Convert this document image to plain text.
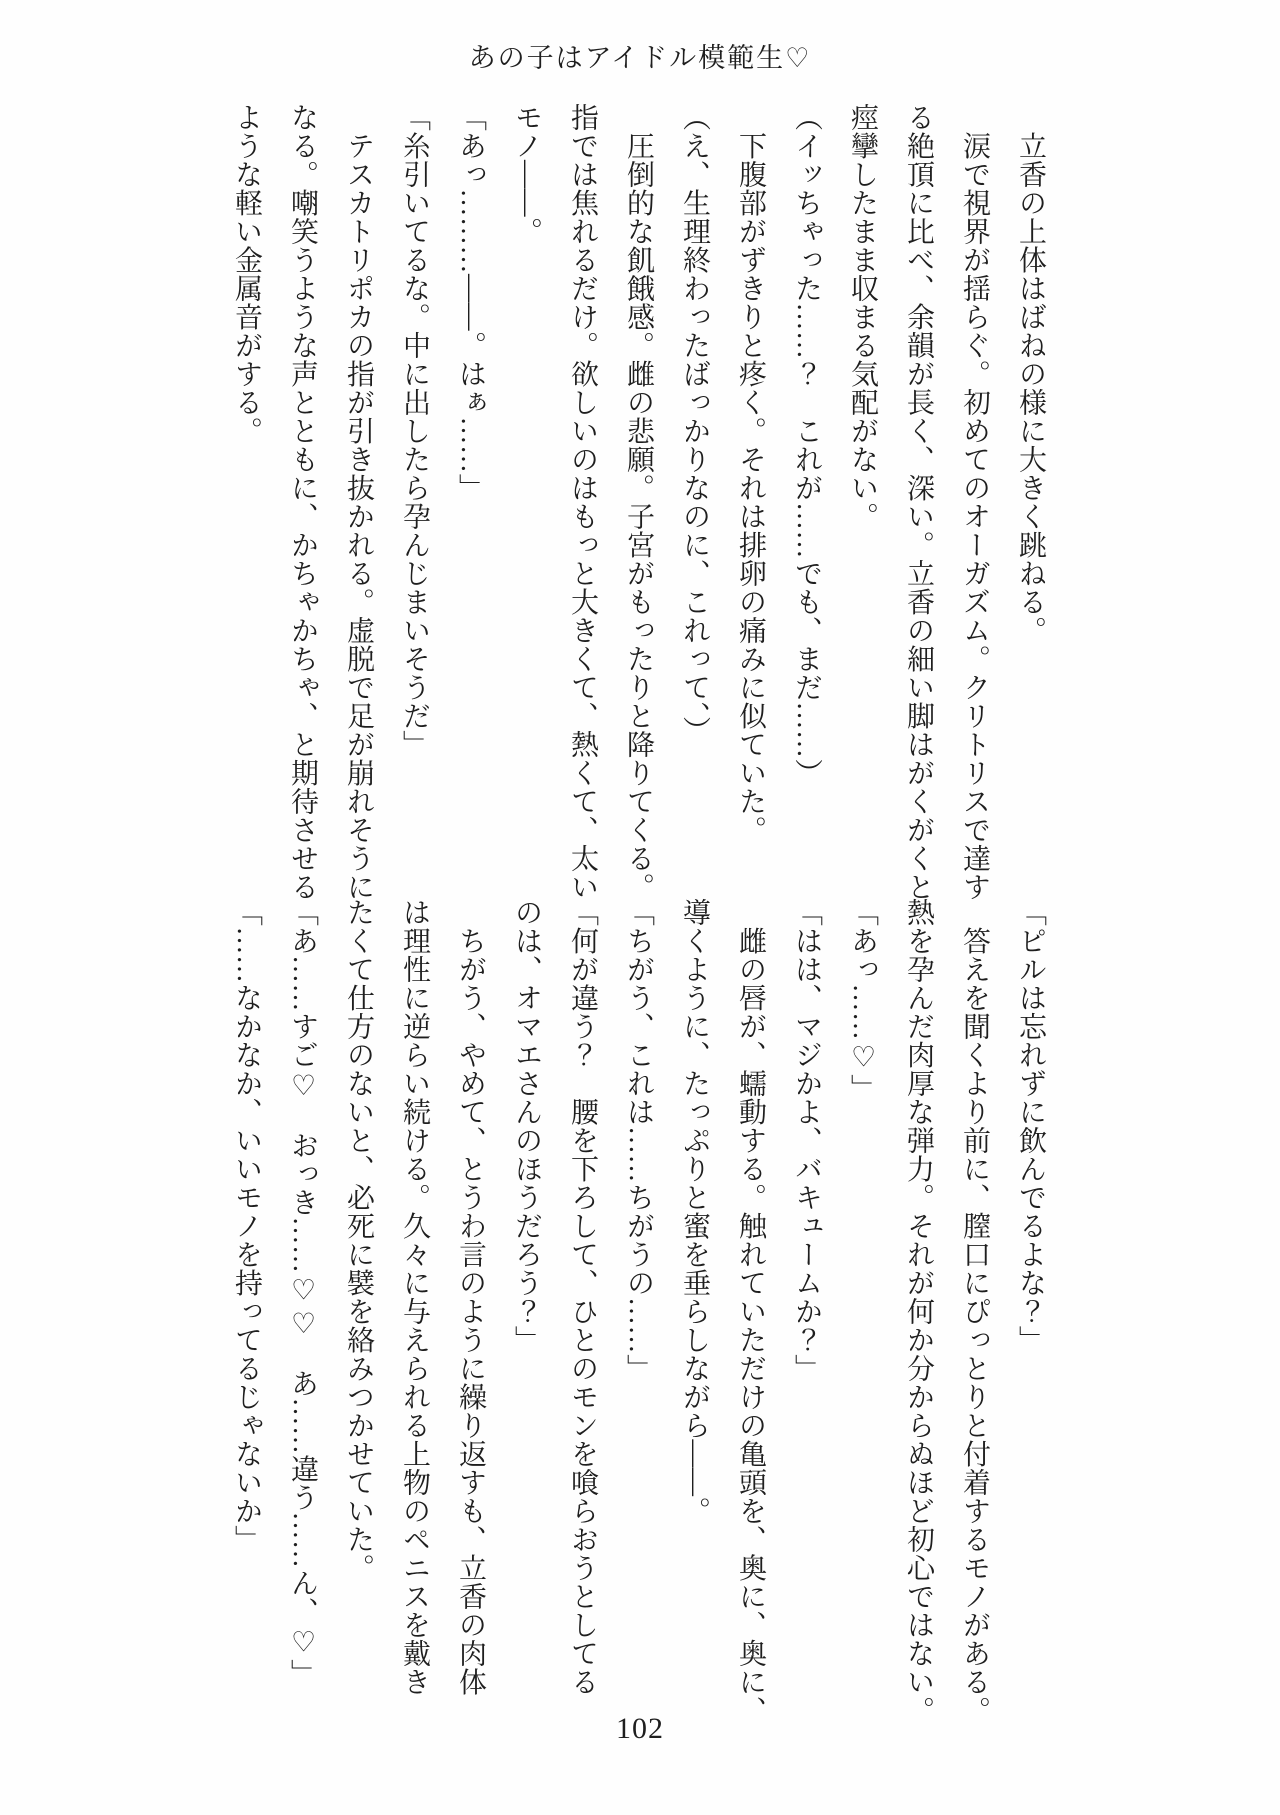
あの子はアイドル模範生♡

　立香の上体はばねの様に大きく跳ねる。

　涙で視界が揺らぐ。初めてのオーガズム。クリトリスで達す

る絶頂に比べ、余韻が長く、深い。立香の細い脚はがくがくと

痙攣したまま収まる気配がない。

（イッちゃった……？　これが……でも、まだ……）

　下腹部がずきりと疼く。それは排卵の痛みに似ていた。

（え、生理終わったばっかりなのに、これって、）

　圧倒的な飢餓感。雌の悲願。子宮がもったりと降りてくる。

指では焦れるだけ。欲しいのはもっと大きくて、熱くて、太い

モノ――。

「あっ………――。はぁ……」

「糸引いてるな。中に出したら孕んじまいそうだ」

　テスカトリポカの指が引き抜かれる。虚脱で足が崩れそうに

なる。嘲笑うような声とともに、かちゃかちゃ、と期待させる

ような軽い金属音がする。

「ピルは忘れずに飲んでるよな？」

　答えを聞くより前に、膣口にぴっとりと付着するモノがある。

熱を孕んだ肉厚な弾力。それが何か分からぬほど初心ではない。

「あっ……♡」

「はは、マジかよ、バキュームか？」

　雌の唇が、蠕動する。触れていただけの亀頭を、奥に、奥に、

導くように、たっぷりと蜜を垂らしながら――。

「ちがう、これは……ちがうの……」

「何が違う？　腰を下ろして、ひとのモンを喰らおうとしてる

のは、オマエさんのほうだろう？」

　ちがう、やめて、とうわ言のように繰り返すも、立香の肉体

は理性に逆らい続ける。久々に与えられる上物のペニスを戴き

たくて仕方のないと、必死に襞を絡みつかせていた。

「あ……すご♡　おっき……♡♡　あ……違う……ん、♡」

「……なかなか、いいモノを持ってるじゃないか」

102
